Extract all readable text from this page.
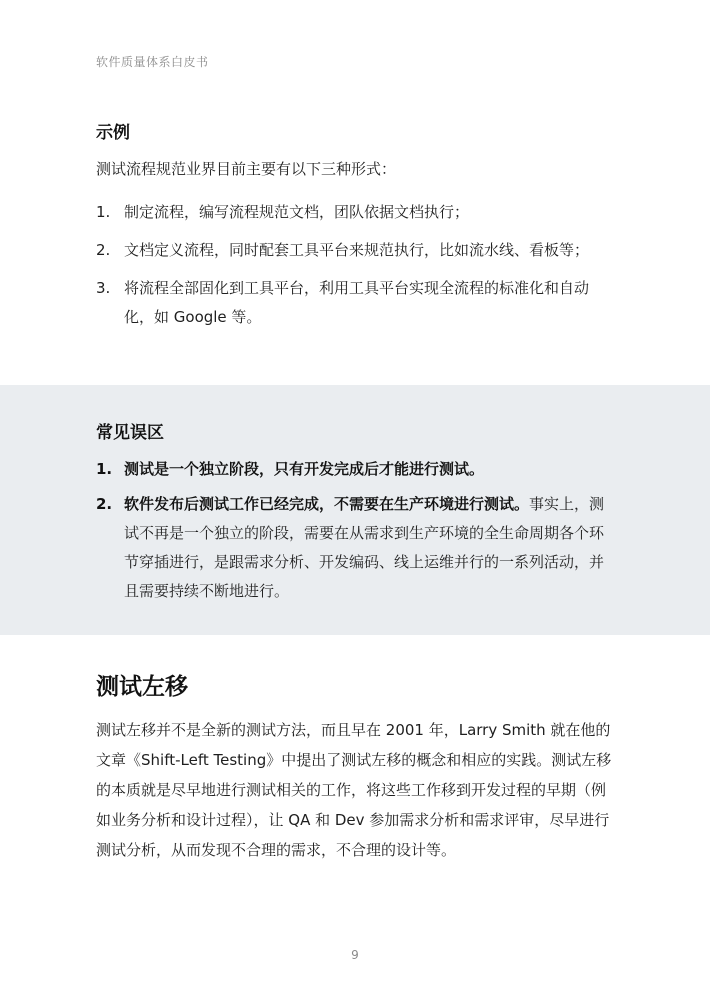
软件质量体系白皮书
示例

测试流程规范业界目前主要有以下三种形式：

1. 制定流程，编写流程规范文档，团队依据文档执行；
2. 文档定义流程，同时配套工具平台来规范执行，比如流水线、看板等；
3. 将流程全部固化到工具平台，利用工具平台实现全流程的标准化和自动化，如 Google 等。
常见误区
1. 测试是一个独立阶段，只有开发完成后才能进行测试。
2. 软件发布后测试工作已经完成，不需要在生产环境进行测试。事实上，测试不再是一个独立的阶段，需要在从需求到生产环境的全生命周期各个环节穿插进行，是跟需求分析、开发编码、线上运维并行的一系列活动，并且需要持续不断地进行。
测试左移

测试左移并不是全新的测试方法，而且早在 2001 年，Larry Smith 就在他的文章《Shift-Left Testing》中提出了测试左移的概念和相应的实践。测试左移的本质就是尽早地进行测试相关的工作，将这些工作移到开发过程的早期（例如业务分析和设计过程），让 QA 和 Dev 参加需求分析和需求评审，尽早进行测试分析，从而发现不合理的需求，不合理的设计等。

9
